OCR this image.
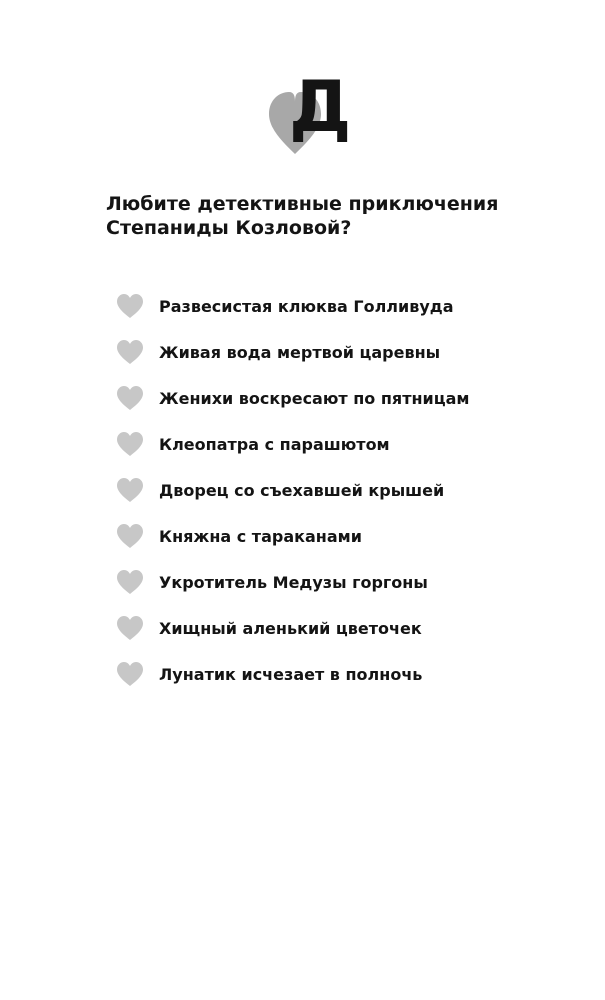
Д
Любите детективные приключения
Степаниды Козловой?
Развесистая клюква Голливуда
Живая вода мертвой царевны
Женихи воскресают по пятницам
Клеопатра с парашютом
Дворец со съехавшей крышей
Княжна с тараканами
Укротитель Медузы горгоны
Хищный аленький цветочек
Лунатик исчезает в полночь
